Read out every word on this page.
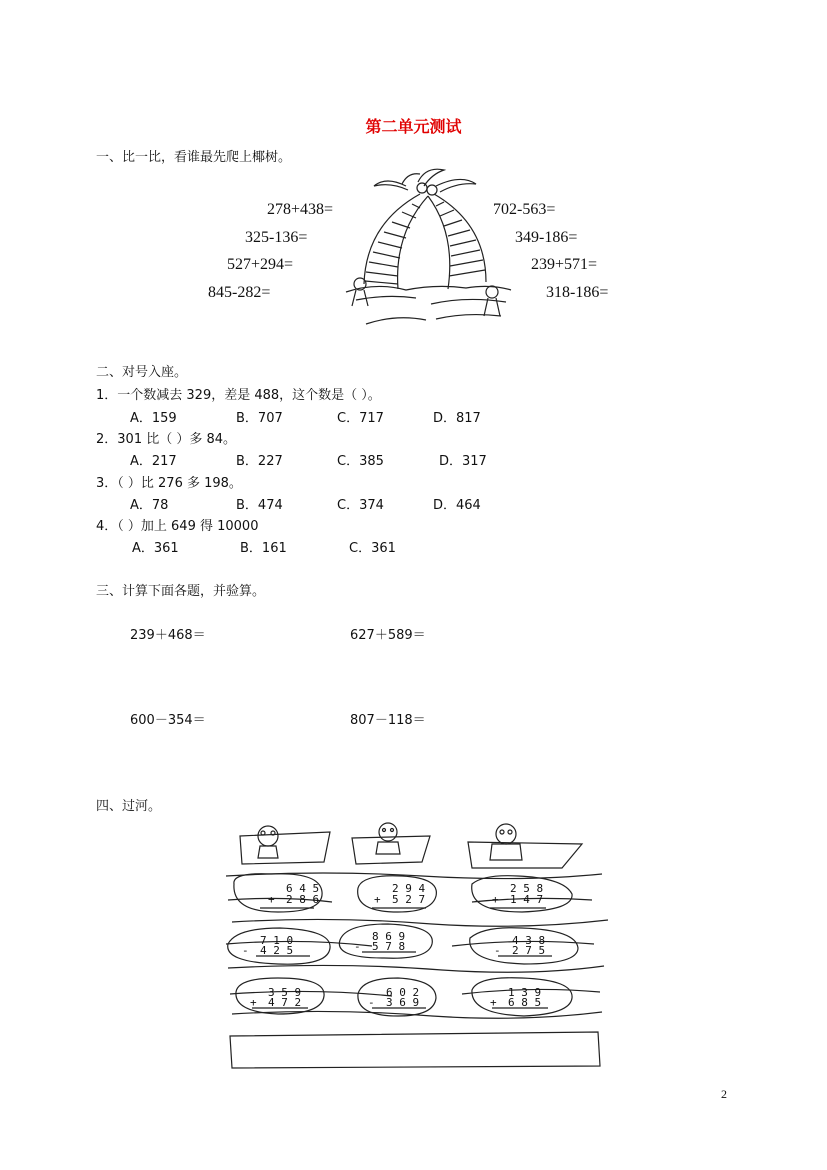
第二单元测试
一、比一比，看谁最先爬上椰树。
278+438=
325-136=
527+294=
845-282=
702-563=
349-186=
239+571=
318-186=
二、对号入座。
1．一个数减去 329，差是 488，这个数是（ ）。
A．159	B．707	C．717	D．817
2．301 比（ ）多 84。
A．217	B．227	C．385	D．317
3．（ ）比 276 多 198。
A．78	B．474	C．374	D．464
4．（ ）加上 649 得 10000
A．361	B．161	C．361
三、计算下面各题，并验算。
239＋468＝	627＋589＝
600－354＝	807－118＝
四、过河。
6 4 5
+ 2 8 6
2 9 4
+ 5 2 7
2 5 8
+ 1 4 7
7 1 0
- 4 2 5
8 6 9
- 5 7 8	4 3 8
- 2 7 5
3 5 9
+ 4 7 2
6 0 2
- 3 6 9
1 3 9
+ 6 8 5
2
